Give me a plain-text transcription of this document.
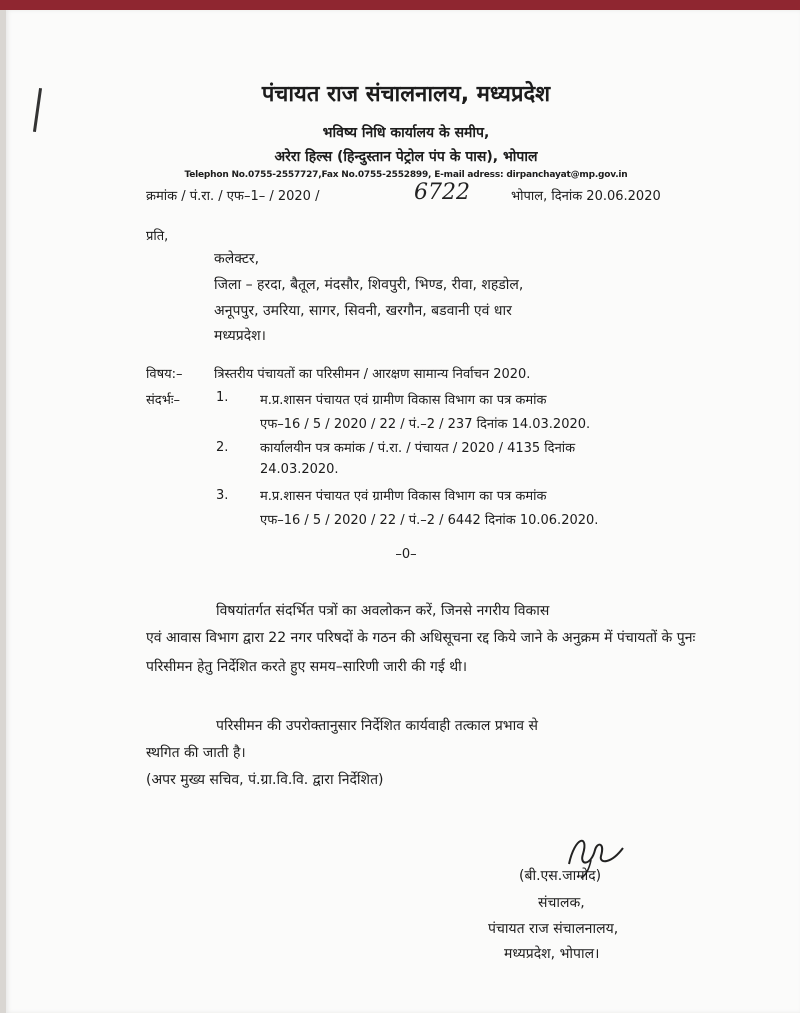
पंचायत राज संचालनालय, मध्यप्रदेश
भविष्य निधि कार्यालय के समीप,
अरेरा हिल्स (हिन्दुस्तान पेट्रोल पंप के पास), भोपाल
Telephon No.0755-2557727,Fax No.0755-2552899, E-mail adress: dirpanchayat@mp.gov.in
क्रमांक / पं.रा. / एफ–1– / 2020 /	6722	भोपाल, दिनांक 20.06.2020
प्रति,
कलेक्टर,
जिला – हरदा, बैतूल, मंदसौर, शिवपुरी, भिण्ड, रीवा, शहडोल,
अनूपपुर, उमरिया, सागर, सिवनी, खरगौन, बडवानी एवं धार
मध्यप्रदेश।
विषय:– त्रिस्तरीय पंचायतों का परिसीमन / आरक्षण सामान्य निर्वाचन 2020.
संदर्भः–	1. म.प्र.शासन पंचायत एवं ग्रामीण विकास विभाग का पत्र कमांक
एफ–16 / 5 / 2020 / 22 / पं.–2 / 237 दिनांक 14.03.2020.
2. कार्यालयीन पत्र कमांक / पं.रा. / पंचायत / 2020 / 4135 दिनांक
24.03.2020.
3. म.प्र.शासन पंचायत एवं ग्रामीण विकास विभाग का पत्र कमांक
एफ–16 / 5 / 2020 / 22 / पं.–2 / 6442 दिनांक 10.06.2020.
–0–
विषयांतर्गत संदर्भित पत्रों का अवलोकन करें, जिनसे नगरीय विकास
एवं आवास विभाग द्वारा 22 नगर परिषदों के गठन की अधिसूचना रद्द किये जाने के अनुक्रम में पंचायतों के पुनः परिसीमन हेतु निर्देशित करते हुए समय–सारिणी जारी की गई थी।
परिसीमन की उपरोक्तानुसार निर्देशित कार्यवाही तत्काल प्रभाव से
स्थगित की जाती है।
(अपर मुख्य सचिव, पं.ग्रा.वि.वि. द्वारा निर्देशित)
(बी.एस.जामोद)
संचालक,
पंचायत राज संचालनालय,
मध्यप्रदेश, भोपाल।
